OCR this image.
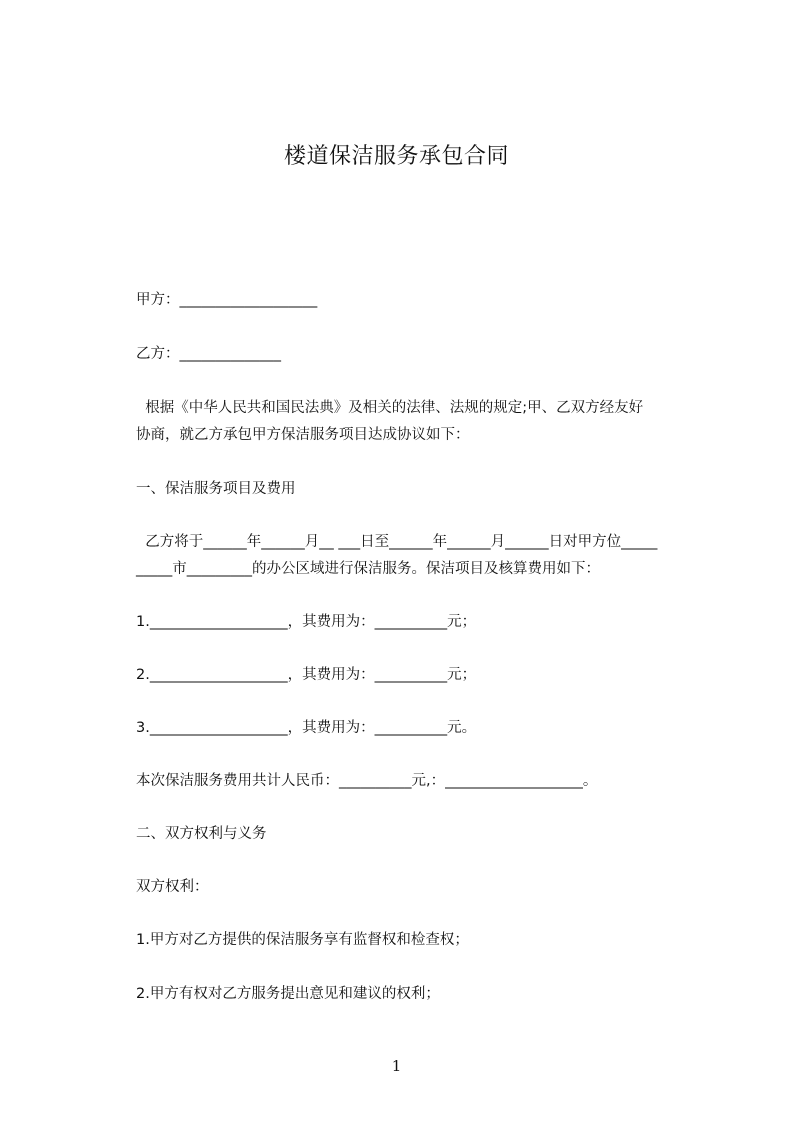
楼道保洁服务承包合同

甲方：___________________

乙方：______________

根据《中华人民共和国民法典》及相关的法律、法规的规定;甲、乙双方经友好

协商，就乙方承包甲方保洁服务项目达成协议如下：

一、保洁服务项目及费用

乙方将于______年______月__ ___日至______年______月______日对甲方位_____

_____市_________的办公区域进行保洁服务。保洁项目及核算费用如下：

1.___________________，其费用为：__________元；

2.___________________，其费用为：__________元；

3.___________________，其费用为：__________元。

本次保洁服务费用共计人民币：__________元,：___________________。

二、双方权利与义务

双方权利：

1.甲方对乙方提供的保洁服务享有监督权和检查权；

2.甲方有权对乙方服务提出意见和建议的权利；

1
